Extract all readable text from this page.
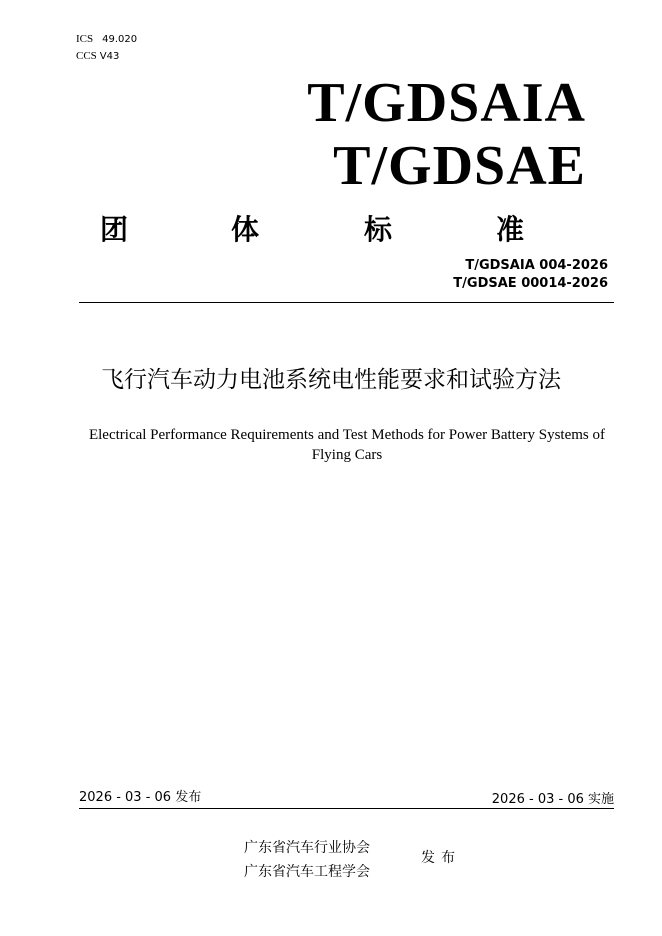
ICS 49.020
CCS V43
T/GDSAIA
T/GDSAE
团	体	标	准
T/GDSAIA 004-2026
T/GDSAE 00014-2026
飞行汽车动力电池系统电性能要求和试验方法
Electrical Performance Requirements and Test Methods for Power Battery Systems of Flying Cars
2026 - 03 - 06 发布	2026 - 03 - 06 实施
广东省汽车行业协会
广东省汽车工程学会
发布
